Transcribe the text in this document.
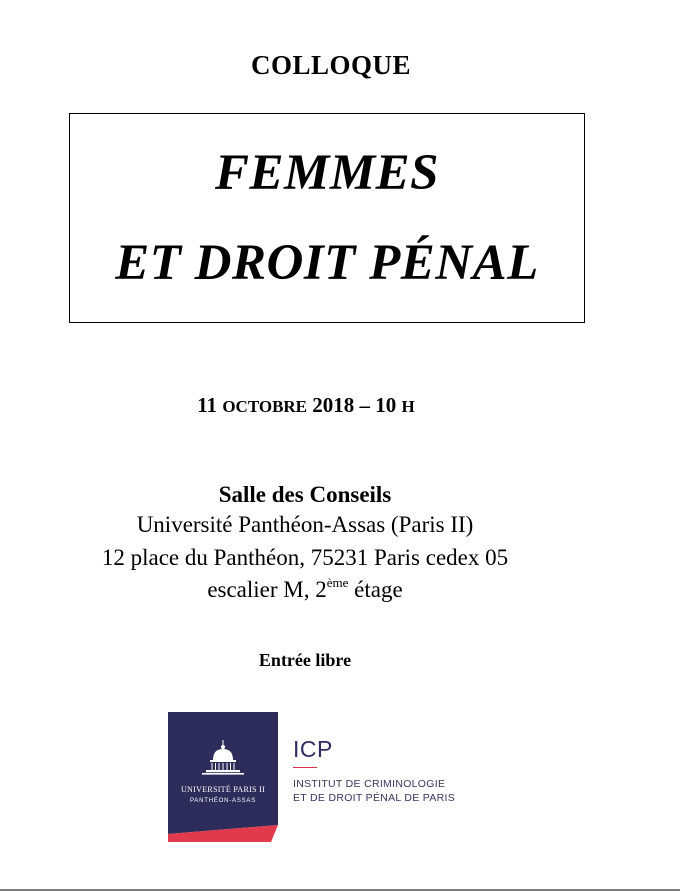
COLLOQUE
FEMMES
ET DROIT PÉNAL
11 OCTOBRE 2018 – 10 H
Salle des Conseils
Université Panthéon-Assas (Paris II)
12 place du Panthéon, 75231 Paris cedex 05
escalier M, 2ème étage
Entrée libre
UNIVERSITÉ PARIS II
PANTHÉON-ASSAS
ICP
INSTITUT DE CRIMINOLOGIE
ET DE DROIT PÉNAL DE PARIS
